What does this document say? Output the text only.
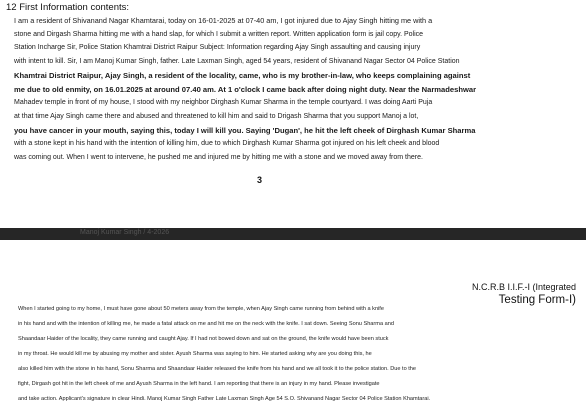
12 First Information contents:
I am a resident of Shivanand Nagar Khamtarai, today on 16-01-2025 at 07-40 am, I got injured due to Ajay Singh hitting me with a
stone and Dirgash Sharma hitting me with a hand slap, for which I submit a written report. Written application form is jail copy. Police
Station Incharge Sir, Police Station Khamtrai District Raipur Subject: Information regarding Ajay Singh assaulting and causing injury
with intent to kill. Sir, I am Manoj Kumar Singh, father. Late Laxman Singh, aged 54 years, resident of Shivanand Nagar Sector 04 Police Station
Khamtrai District Raipur, Ajay Singh, a resident of the locality, came, who is my brother-in-law, who keeps complaining against
me due to old enmity, on 16.01.2025 at around 07.40 am. At 1 o'clock I came back after doing night duty. Near the Narmadeshwar
Mahadev temple in front of my house, I stood with my neighbor Dirghash Kumar Sharma in the temple courtyard. I was doing Aarti Puja
at that time Ajay Singh came there and abused and threatened to kill him and said to Drigash Sharma that you support Manoj a lot,
you have cancer in your mouth, saying this, today I will kill you. Saying 'Dugan', he hit the left cheek of Dirghash Kumar Sharma
with a stone kept in his hand with the intention of killing him, due to which Dirghash Kumar Sharma got injured on his left cheek and blood
was coming out. When I went to intervene, he pushed me and injured me by hitting me with a stone and we moved away from there.
3
Manoj Kumar Singh / 4-2026
N.C.R.B I.I.F.-I (Integrated
Testing Form-I)
When I started going to my home, I must have gone about 50 meters away from the temple, when Ajay Singh came running from behind with a knife
in his hand and with the intention of killing me, he made a fatal attack on me and hit me on the neck with the knife. I sat down. Seeing Sonu Sharma and
Shaandaar Haider of the locality, they came running and caught Ajay. If I had not bowed down and sat on the ground, the knife would have been stuck
in my throat. He would kill me by abusing my mother and sister. Ayush Sharma was saying to him. He started asking why are you doing this, he
also killed him with the stone in his hand, Sonu Sharma and Shaandaar Haider released the knife from his hand and we all took it to the police station. Due to the
fight, Dirgash got hit in the left cheek of me and Ayush Sharma in the left hand. I am reporting that there is an injury in my hand. Please investigate
and take action. Applicant's signature in clear Hindi. Manoj Kumar Singh Father Late Laxman Singh Age 54 S.O. Shivanand Nagar Sector 04 Police Station Khamtarai.
